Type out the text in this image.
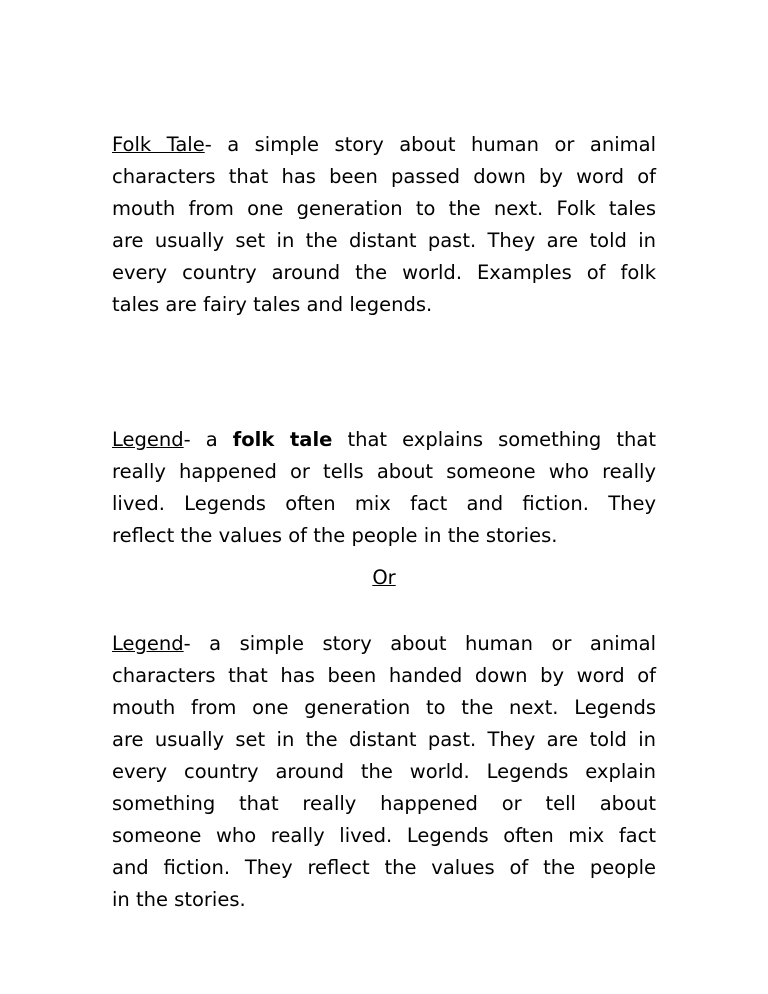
Folk Tale- a simple story about human or animal
characters that has been passed down by word of
mouth from one generation to the next. Folk tales
are usually set in the distant past. They are told in
every country around the world. Examples of folk
tales are fairy tales and legends.
Legend- a folk tale that explains something that
really happened or tells about someone who really
lived. Legends often mix fact and fiction. They
reflect the values of the people in the stories.
Or
Legend- a simple story about human or animal
characters that has been handed down by word of
mouth from one generation to the next. Legends
are usually set in the distant past. They are told in
every country around the world. Legends explain
something that really happened or tell about
someone who really lived. Legends often mix fact
and fiction. They reflect the values of the people
in the stories.
